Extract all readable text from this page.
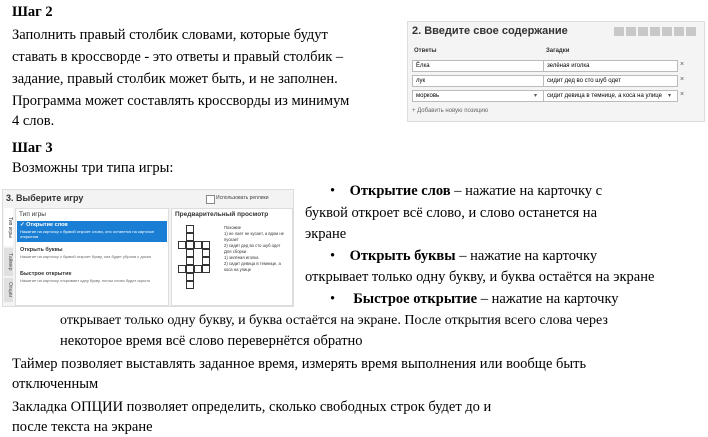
Шаг 2
Заполнить правый столбик словами, которые будут
ставать в кроссворде - это ответы и правый столбик –
задание, правый столбик может быть, и не заполнен.
Программа может составлять кроссворды из минимум
4 слов.
2. Введите свое содержание
Ответы	Загадки
Ёлка	зелёная иголка	×
лук	сидит дед во сто шуб одет	×
морковь	▾ сидит девица в темнице, а коса на улице ▾ ×
+ Добавить новую позицию
Шаг 3
Возможны три типа игры:
•    Открытие слов – нажатие на карточку с
буквой откроет всё слово, и слово останется на
экране
•    Открыть буквы – нажатие на карточку
открывает только одну букву, и буква остаётся на экране
•     Быстрое открытие – нажатие на карточку
открывает только одну букву, и буква остаётся на экране. После открытия всего слова через
некоторое время всё слово перевернётся обратно
Таймер позволяет выставлять заданное время, измерять время выполнения или вообще быть
отключенным
Закладка ОПЦИИ позволяет определить, сколько свободных строк будет до и
после текста на экране
3. Выберите игру	Использовать реплики
Тип игры
Таймер
Опции
Тип игры
✓ Открытие слов
Нажатие на карточку с буквой откроет слово, оно останется на карточке открытым
Открыть буквы
Нажатие на карточку с буквой откроет букву, она будет убрана с доски
Быстрое открытие
Нажатие на карточку открывает одну букву, потом слово будет скрыто
Предварительный просмотр
Похожие
1) не лает не кусает, а вдом не пускает
2) сидит дед во сто шуб одет
Для сборки
1) зелёная иголка
2) сидит девица в темнице, а коса на улице
